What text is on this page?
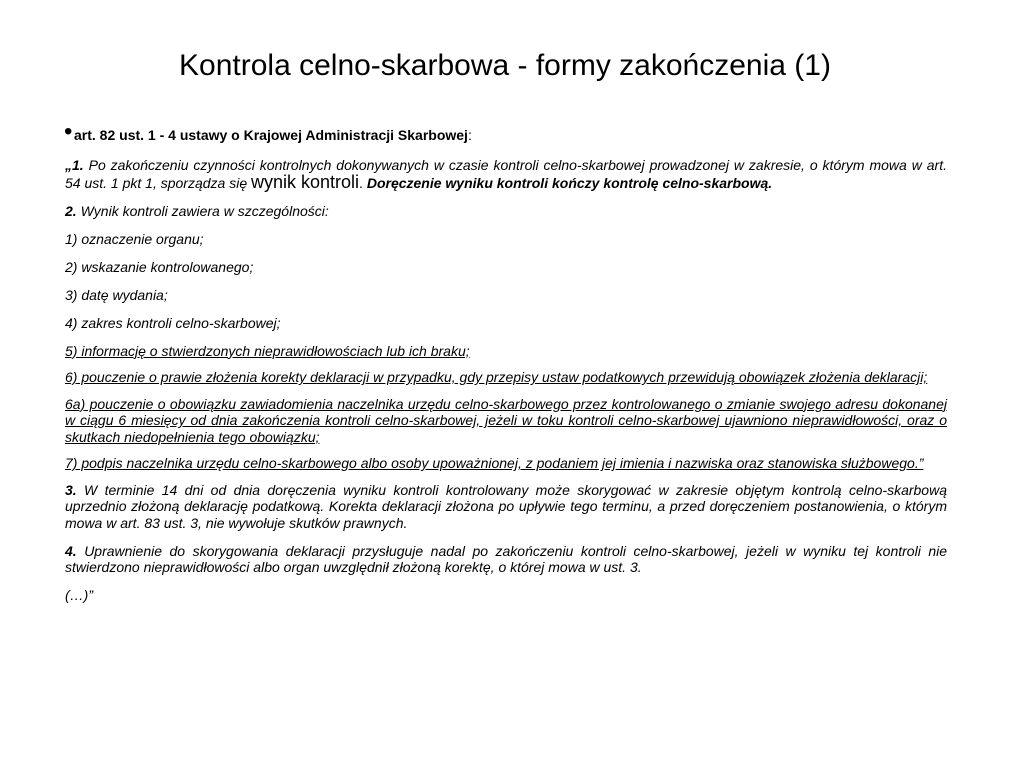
Kontrola celno-skarbowa - formy zakończenia (1)
• art. 82 ust. 1 - 4 ustawy o Krajowej Administracji Skarbowej:

„1. Po zakończeniu czynności kontrolnych dokonywanych w czasie kontroli celno-skarbowej prowadzonej w zakresie, o którym mowa w art. 54 ust. 1 pkt 1, sporządza się wynik kontroli. Doręczenie wyniku kontroli kończy kontrolę celno-skarbową.

2. Wynik kontroli zawiera w szczególności:

1) oznaczenie organu;

2) wskazanie kontrolowanego;

3) datę wydania;

4) zakres kontroli celno-skarbowej;

5) informację o stwierdzonych nieprawidłowościach lub ich braku;

6) pouczenie o prawie złożenia korekty deklaracji w przypadku, gdy przepisy ustaw podatkowych przewidują obowiązek złożenia deklaracji;

6a) pouczenie o obowiązku zawiadomienia naczelnika urzędu celno-skarbowego przez kontrolowanego o zmianie swojego adresu dokonanej w ciągu 6 miesięcy od dnia zakończenia kontroli celno-skarbowej, jeżeli w toku kontroli celno-skarbowej ujawniono nieprawidłowości, oraz o skutkach niedopełnienia tego obowiązku;

7) podpis naczelnika urzędu celno-skarbowego albo osoby upoważnionej, z podaniem jej imienia i nazwiska oraz stanowiska służbowego.”

3. W terminie 14 dni od dnia doręczenia wyniku kontroli kontrolowany może skorygować w zakresie objętym kontrolą celno-skarbową uprzednio złożoną deklarację podatkową. Korekta deklaracji złożona po upływie tego terminu, a przed doręczeniem postanowienia, o którym mowa w art. 83 ust. 3, nie wywołuje skutków prawnych.

4. Uprawnienie do skorygowania deklaracji przysługuje nadal po zakończeniu kontroli celno-skarbowej, jeżeli w wyniku tej kontroli nie stwierdzono nieprawidłowości albo organ uwzględnił złożoną korektę, o której mowa w ust. 3.

(…)”
